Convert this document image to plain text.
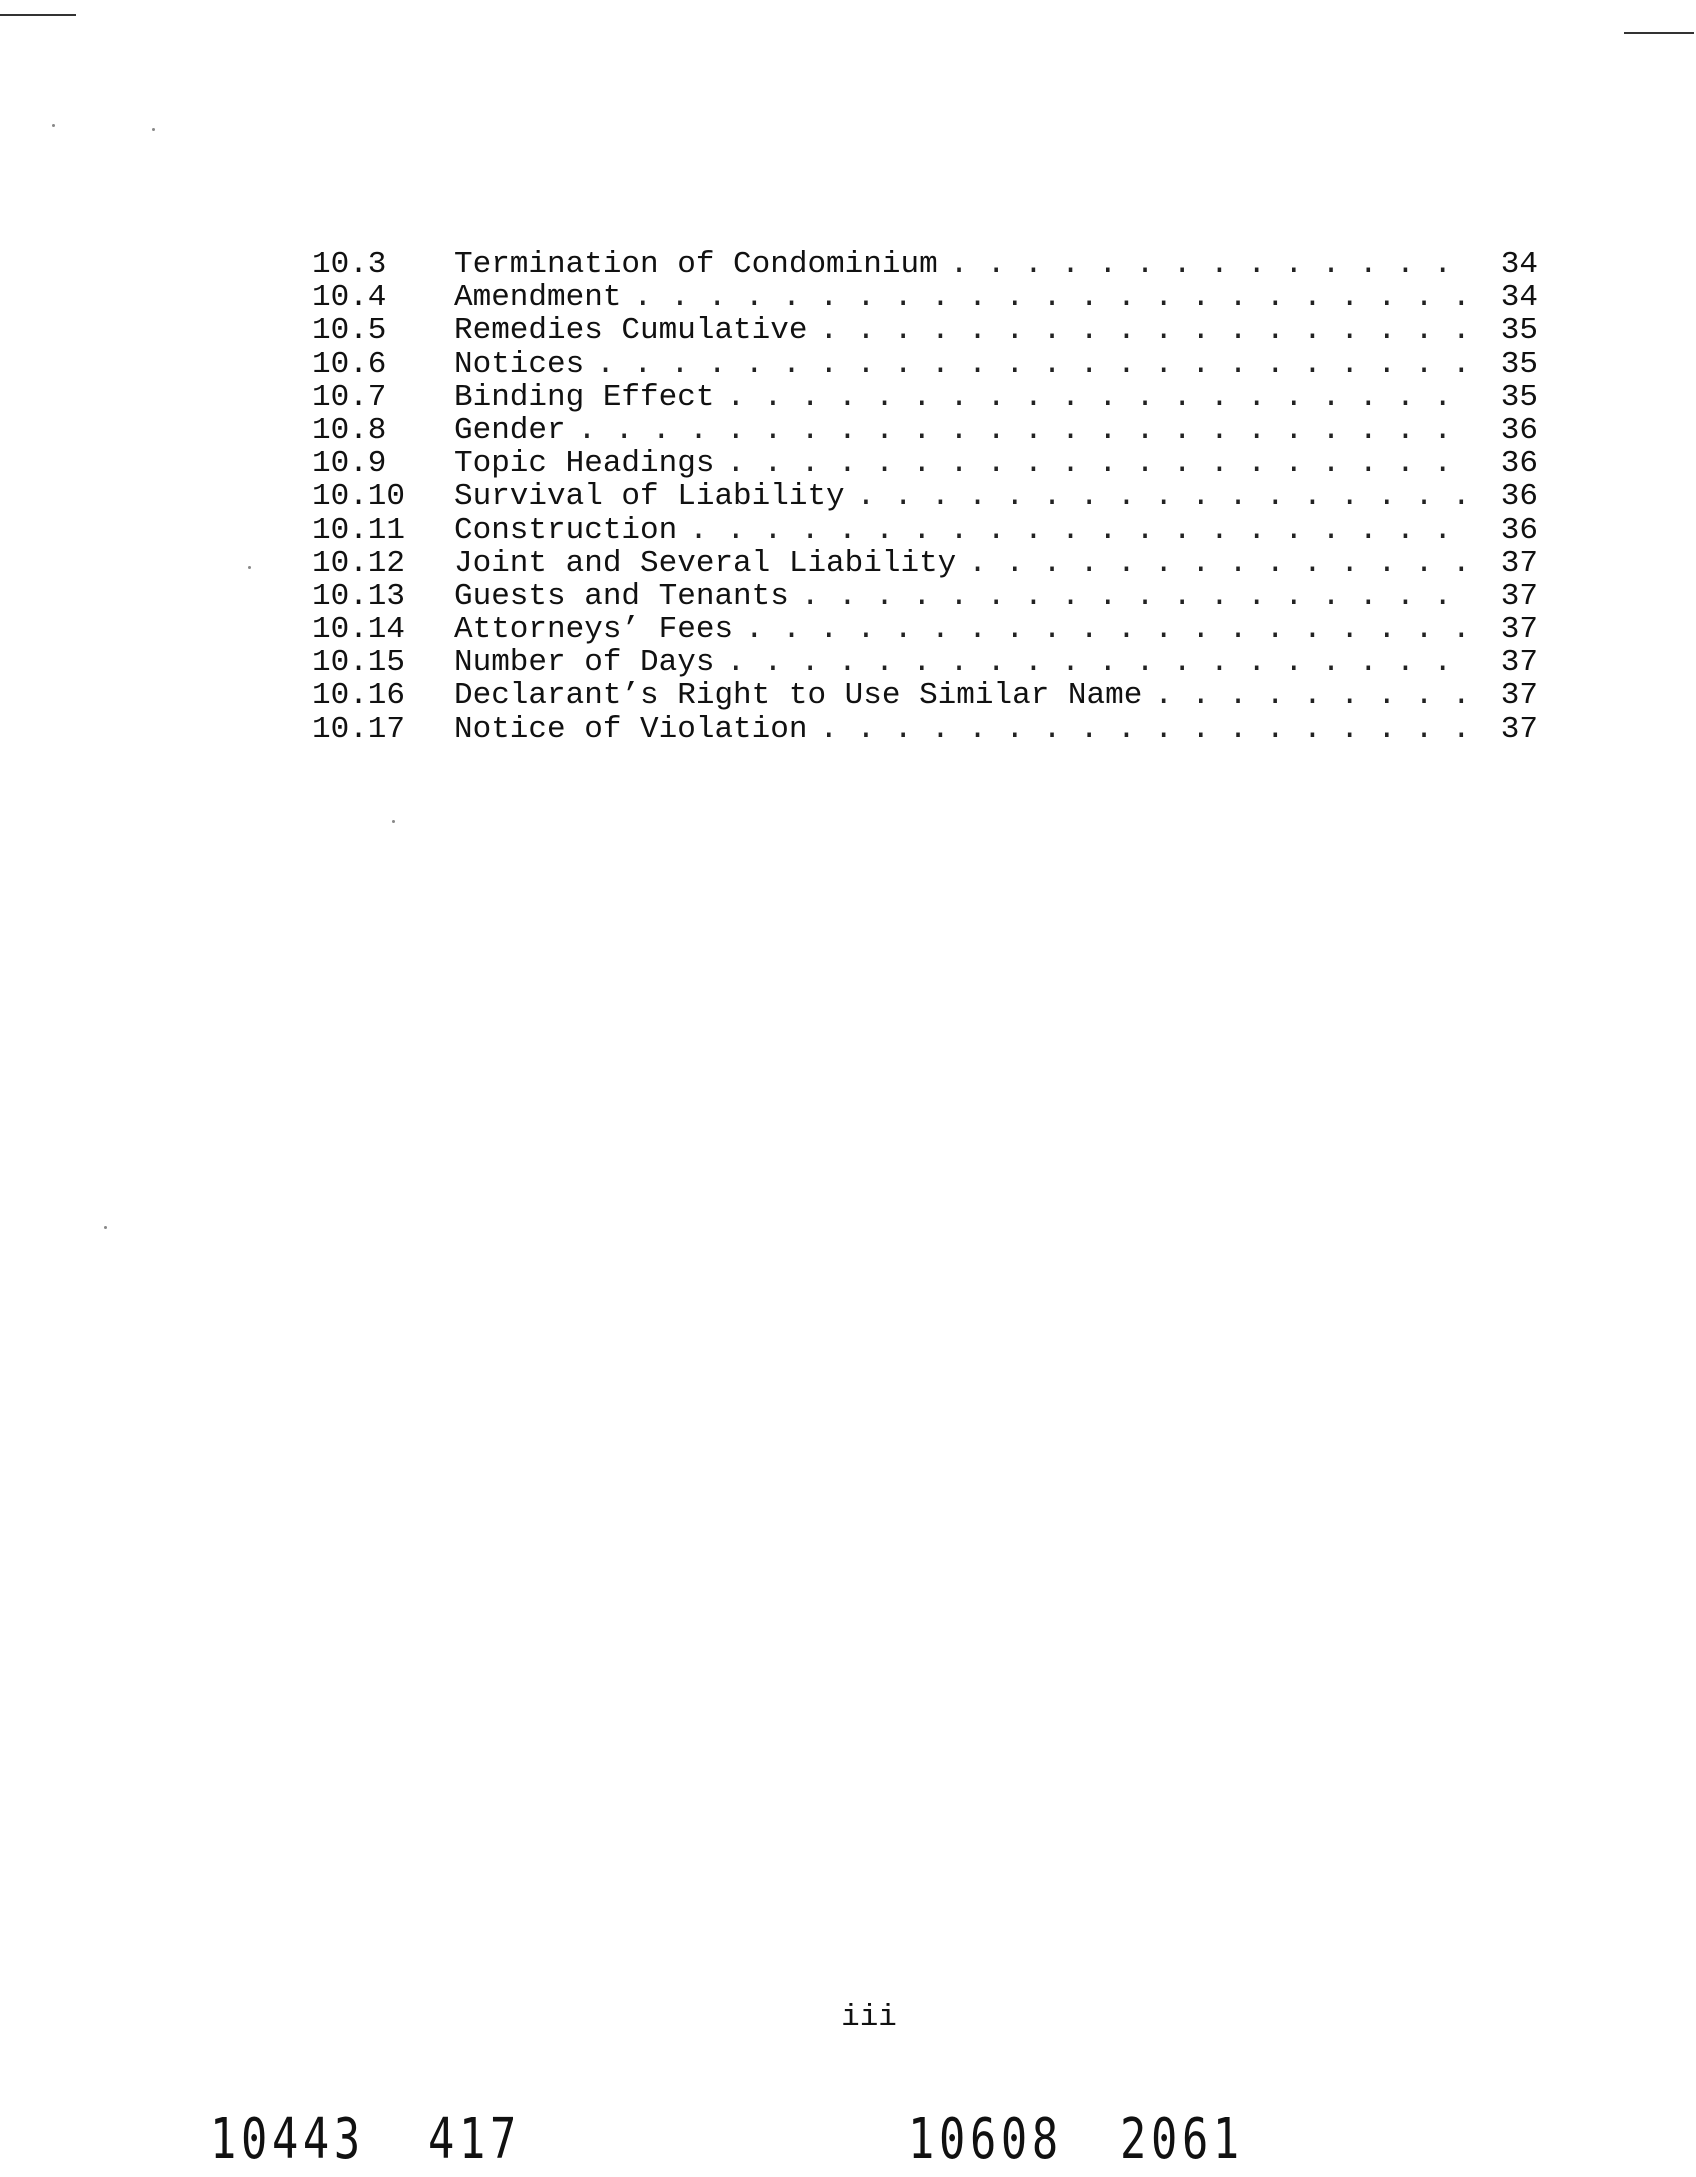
10.3	Termination of Condominium . . .	34
10.4	Amendment . . .	34
10.5	Remedies Cumulative . . .	35
10.6	Notices . . .	35
10.7	Binding Effect . . .	35
10.8	Gender . . .	36
10.9	Topic Headings . . .	36
10.10	Survival of Liability . . .	36
10.11	Construction . . .	36
10.12	Joint and Several Liability . . .	37
10.13	Guests and Tenants . . .	37
10.14	Attorneys’ Fees . . .	37
10.15	Number of Days . . .	37
10.16	Declarant’s Right to Use Similar Name . . .	37
10.17	Notice of Violation . . .	37
iii
10443 417	10608 2061
